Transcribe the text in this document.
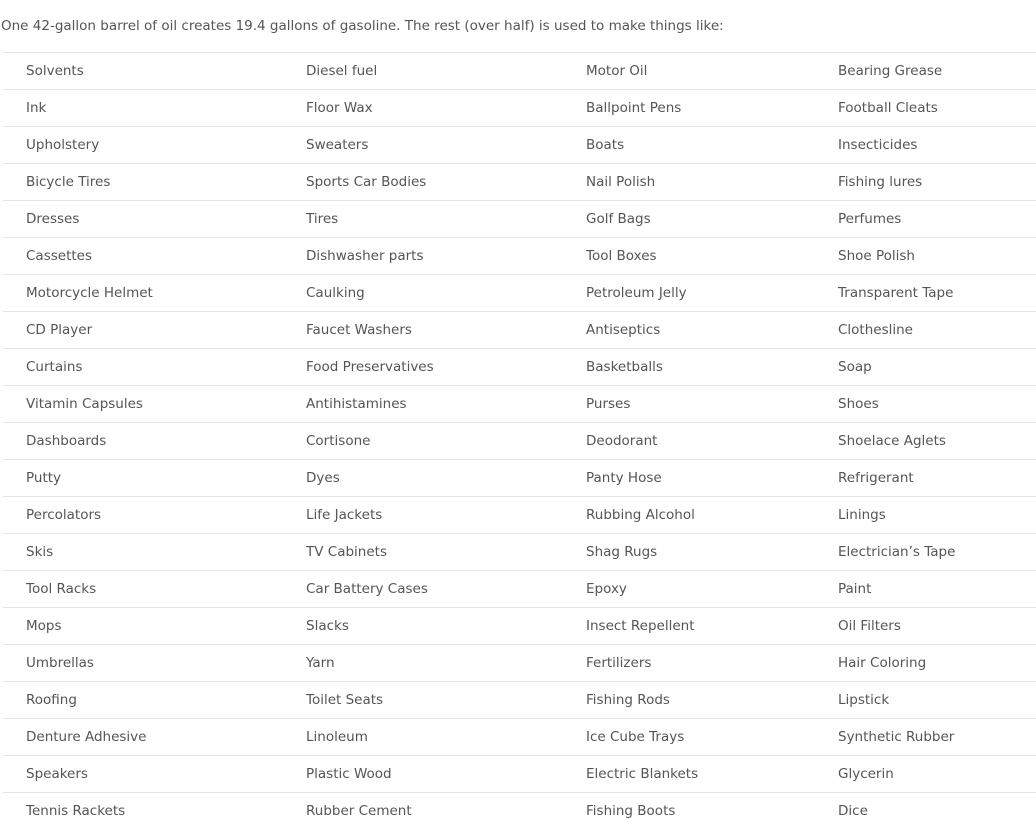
One 42-gallon barrel of oil creates 19.4 gallons of gasoline. The rest (over half) is used to make things like:

Solvents	Diesel fuel	Motor Oil	Bearing Grease
Ink	Floor Wax	Ballpoint Pens	Football Cleats
Upholstery	Sweaters	Boats	Insecticides
Bicycle Tires	Sports Car Bodies	Nail Polish	Fishing lures
Dresses	Tires	Golf Bags	Perfumes
Cassettes	Dishwasher parts	Tool Boxes	Shoe Polish
Motorcycle Helmet	Caulking	Petroleum Jelly	Transparent Tape
CD Player	Faucet Washers	Antiseptics	Clothesline
Curtains	Food Preservatives	Basketballs	Soap
Vitamin Capsules	Antihistamines	Purses	Shoes
Dashboards	Cortisone	Deodorant	Shoelace Aglets
Putty	Dyes	Panty Hose	Refrigerant
Percolators	Life Jackets	Rubbing Alcohol	Linings
Skis	TV Cabinets	Shag Rugs	Electrician’s Tape
Tool Racks	Car Battery Cases	Epoxy	Paint
Mops	Slacks	Insect Repellent	Oil Filters
Umbrellas	Yarn	Fertilizers	Hair Coloring
Roofing	Toilet Seats	Fishing Rods	Lipstick
Denture Adhesive	Linoleum	Ice Cube Trays	Synthetic Rubber
Speakers	Plastic Wood	Electric Blankets	Glycerin
Tennis Rackets	Rubber Cement	Fishing Boots	Dice
